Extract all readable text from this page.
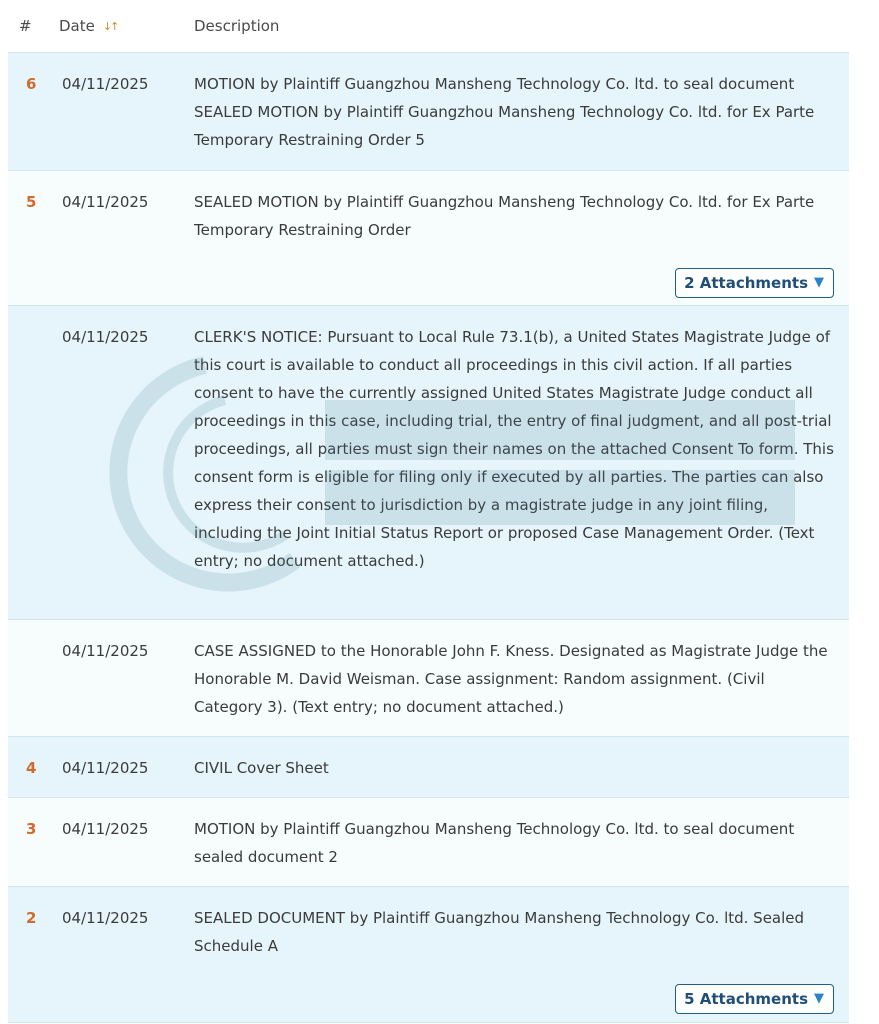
# Date ↓↑	Description
6	04/11/2025	MOTION by Plaintiff Guangzhou Mansheng Technology Co. ltd. to seal document SEALED MOTION by Plaintiff Guangzhou Mansheng Technology Co. ltd. for Ex Parte Temporary Restraining Order 5
5	04/11/2025	SEALED MOTION by Plaintiff Guangzhou Mansheng Technology Co. ltd. for Ex Parte Temporary Restraining Order
2 Attachments ▼
04/11/2025	CLERK'S NOTICE: Pursuant to Local Rule 73.1(b), a United States Magistrate Judge of this court is available to conduct all proceedings in this civil action. If all parties consent to have the currently assigned United States Magistrate Judge conduct all proceedings in this case, including trial, the entry of final judgment, and all post-trial proceedings, all parties must sign their names on the attached Consent To form. This consent form is eligible for filing only if executed by all parties. The parties can also express their consent to jurisdiction by a magistrate judge in any joint filing, including the Joint Initial Status Report or proposed Case Management Order. (Text entry; no document attached.)
04/11/2025	CASE ASSIGNED to the Honorable John F. Kness. Designated as Magistrate Judge the Honorable M. David Weisman. Case assignment: Random assignment. (Civil Category 3). (Text entry; no document attached.)
4	04/11/2025	CIVIL Cover Sheet
3	04/11/2025	MOTION by Plaintiff Guangzhou Mansheng Technology Co. ltd. to seal document sealed document 2
2	04/11/2025	SEALED DOCUMENT by Plaintiff Guangzhou Mansheng Technology Co. ltd. Sealed Schedule A
5 Attachments ▼
